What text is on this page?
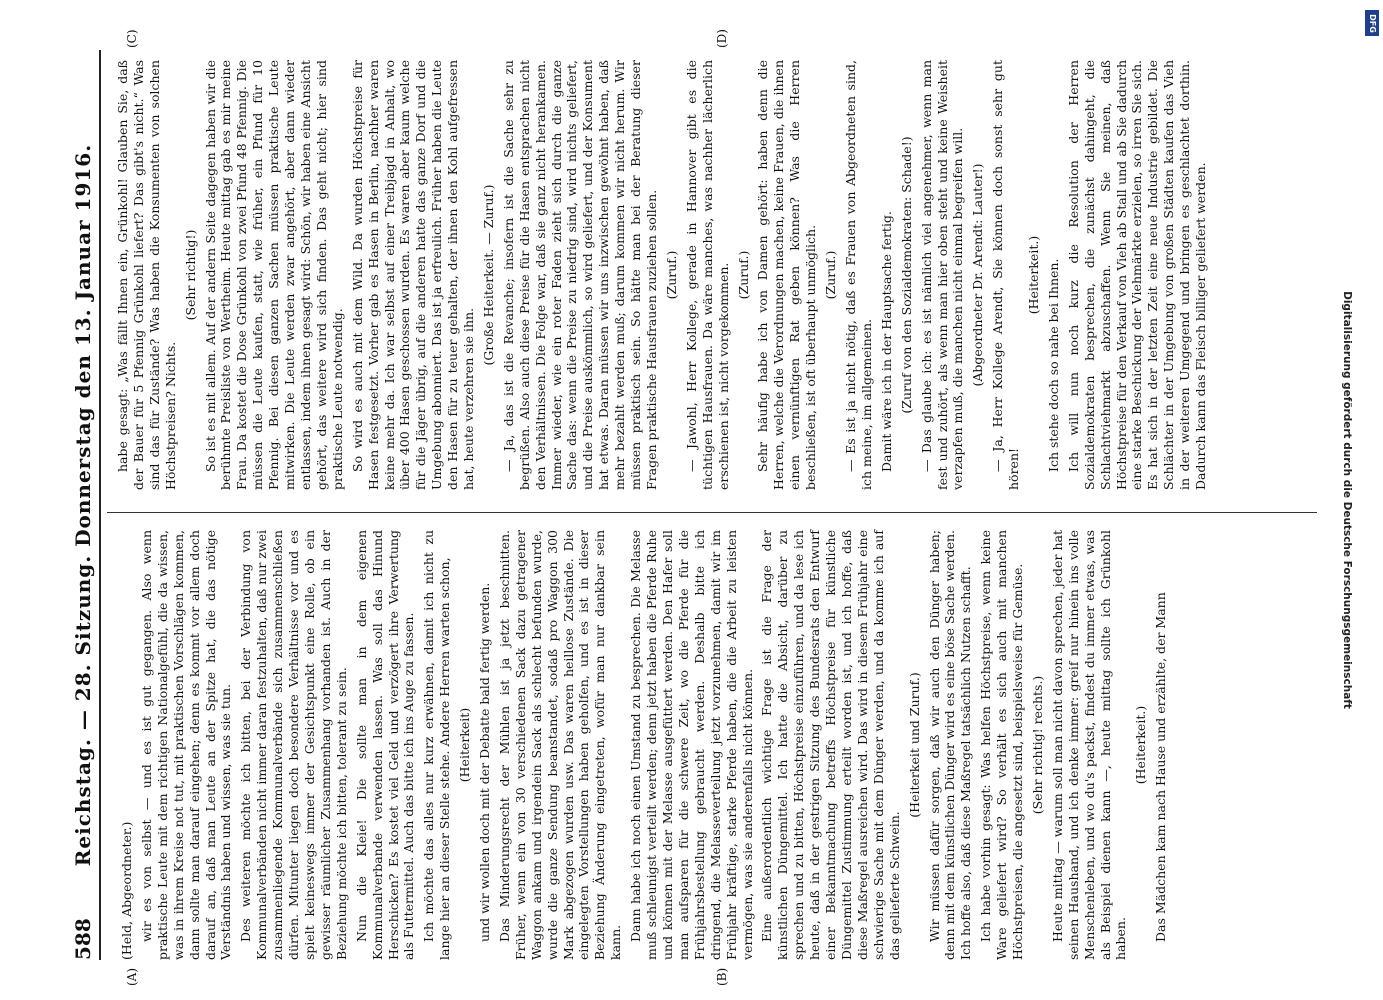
588
Reichstag. — 28. Sitzung. Donnerstag den 13. Januar 1916.
(A)	(B)
(C)	(D)

(Held, Abgeordneter.) wir es von selbst — und es ist gut gegangen. Also wenn praktische Leute mit dem richtigen Nationalgefühl, die da wissen, was in ihrem Kreise not tut, mit praktischen Vorschlägen kommen, dann sollte man darauf eingehen; denn es kommt vor allem doch darauf an, daß man Leute an der Spitze hat, die das nötige Verständnis haben und wissen, was sie tun. Des weiteren möchte ich bitten, bei der Verbindung von Kommunalverbänden nicht immer daran festzuhalten, daß nur zwei zusammenliegende Kommunalverbände sich zusammenschließen dürfen. Mitunter liegen doch besondere Verhältnisse vor und es spielt keineswegs immer der Gesichtspunkt eine Rolle, ob ein gewisser räumlicher Zusammenhang vorhanden ist. Auch in der Beziehung möchte ich bitten, tolerant zu sein. Nun die Kleie! Die sollte man in dem eigenen Kommunalverbande verwenden lassen. Was soll das Hinund Herschicken? Es kostet viel Geld und verzögert ihre Verwertung als Futtermittel. Auch das bitte ich ins Auge zu fassen. Ich möchte das alles nur kurz erwähnen, damit ich nicht zu lange hier an dieser Stelle stehe. Andere Herren warten schon, (Heiterkeit) und wir wollen doch mit der Debatte bald fertig werden. Das Minderungsrecht der Mühlen ist ja jetzt beschnitten. Früher, wenn ein von 30 verschiedenen Sack dazu getragener Waggon ankam und irgendein Sack als schlecht befunden wurde, wurde die ganze Sendung beanstandet, sodaß pro Waggon 300 Mark abgezogen wurden usw. Das waren heillose Zustände. Die eingelegten Vorstellungen haben geholfen, und es ist in dieser Beziehung Änderung eingetreten, wofür man nur dankbar sein kann.

Dann habe ich noch einen Umstand zu besprechen. Die Melasse muß schleunigst verteilt werden; denn jetzt haben die Pferde Ruhe und können mit der Melasse ausgefüttert werden. Den Hafer soll man aufsparen für die schwere Zeit, wo die Pferde für die Frühjahrsbestellung gebraucht werden. Deshalb bitte ich dringend, die Melasseverteilung jetzt vorzunehmen, damit wir im Frühjahr kräftige, starke Pferde haben, die die Arbeit zu leisten vermögen, was sie anderenfalls nicht können. Eine außerordentlich wichtige Frage ist die Frage der künstlichen Düngemittel. Ich hatte die Absicht, darüber zu sprechen und zu bitten, Höchstpreise einzuführen, und da lese ich heute, daß in der gestrigen Sitzung des Bundesrats den Entwurf einer Bekanntmachung betreffs Höchstpreise für künstliche Düngemittel Zustimmung erteilt worden ist, und ich hoffe, daß diese Maßregel ausreichen wird. Das wird in diesem Frühjahr eine schwierige Sache mit dem Dünger werden, und da komme ich auf das gelieferte Schwein.

(Heiterkeit und Zuruf.) Wir müssen dafür sorgen, daß wir auch den Dünger haben; denn mit dem künstlichen Dünger wird es eine böse Sache werden. Ich hoffe also, daß diese Maßregel tatsächlich Nutzen schafft. Ich habe vorhin gesagt: Was helfen Höchstpreise, wenn keine Ware geliefert wird? So verhält es sich auch mit manchen Höchstpreisen, die angesetzt sind, beispielsweise für Gemüse. (Sehr richtig! rechts.) Heute mittag — warum soll man nicht davon sprechen, jeder hat seinen Haushand, und ich denke immer: greif nur hinein ins volle Menschenleben, und wo du's packst, findest du immer etwas, was als Beispiel dienen kann —, heute mittag sollte ich Grünkohl haben.

(Heiterkeit.) Das Mädchen kam nach Hause und erzählte, der Mann

habe gesagt: „Was fällt Ihnen ein, Grünkohl! Glauben Sie, daß der Bauer für 5 Pfennig Grünkohl liefert? Das gibt's nicht.“ Was sind das für Zustände? Was haben die Konsumenten von solchen Höchstpreisen? Nichts.

(Sehr richtig!) So ist es mit allem. Auf der andern Seite dagegen haben wir die berühmte Preisliste von Wertheim. Heute mittag gab es mir meine Frau. Da kostet die Dose Grünkohl von zwei Pfund 48 Pfennig. Die müssen die Leute kaufen, statt, wie früher, ein Pfund für 10 Pfennig. Bei diesen ganzen Sachen müssen praktische Leute mitwirken. Die Leute werden zwar angehört, aber dann wieder entlassen, indem ihnen gesagt wird: Schön, wir haben eine Ansicht gehört, das weitere wird sich finden. Das geht nicht; hier sind praktische Leute notwendig. So wird es auch mit dem Wild. Da wurden Höchstpreise für Hasen festgesetzt. Vorher gab es Hasen in Berlin, nachher waren keine mehr da. Ich war selbst auf einer Treibjagd in Anhalt, wo über 400 Hasen geschossen wurden. Es waren aber kaum welche für die Jäger übrig, auf die anderen hatte das ganze Dorf und die Umgebung abonniert. Das ist ja erfreulich. Früher haben die Leute den Hasen für zu teuer gehalten, der ihnen den Kohl aufgefressen hat, heute verzehren sie ihn.

(Große Heiterkeit. — Zuruf.) — Ja, das ist die Revanche; insofern ist die Sache sehr zu begrüßen. Also auch diese Preise für die Hasen entsprachen nicht den Verhältnissen. Die Folge war, daß sie ganz nicht herankamen. Immer wieder, wie ein roter Faden zieht sich durch die ganze Sache das: wenn die Preise zu niedrig sind, wird nichts geliefert, und die Preise auskömmlich, so wird geliefert, und der Konsument hat etwas. Daran müssen wir uns inzwischen gewöhnt haben, daß mehr bezahlt werden muß; darum kommen wir nicht herum. Wir müssen praktisch sein. So hätte man bei der Beratung dieser Fragen praktische Hausfrauen zuziehen sollen. (Zuruf.) — Jawohl, Herr Kollege, gerade in Hannover gibt es die tüchtigen Hausfrauen. Da wäre manches, was nachher lächerlich erschienen ist, nicht vorgekommen. (Zuruf.) Sehr häufig habe ich von Damen gehört: haben denn die Herren, welche die Verordnungen machen, keine Frauen, die ihnen einen vernünftigen Rat geben können? Was die Herren beschließen, ist oft überhaupt unmöglich. (Zuruf.) — Es ist ja nicht nötig, daß es Frauen von Abgeordneten sind, ich meine, im allgemeinen. Damit wäre ich in der Hauptsache fertig. (Zuruf von den Sozialdemokraten: Schade!) — Das glaube ich: es ist nämlich viel angenehmer, wenn man fest und zuhört, als wenn man hier oben steht und keine Weisheit verzapfen muß, die manchen nicht einmal begreifen will. (Abgeordneter Dr. Arendt: Lauter!) — Ja, Herr Kollege Arendt, Sie können doch sonst sehr gut hören!

(Heiterkeit.) Ich stehe doch so nahe bei Ihnen. Ich will nun noch kurz die Resolution der Herren Sozialdemokraten besprechen, die zunächst dahingeht, die Schlachtviehmarkt abzuschaffen. Wenn Sie meinen, daß Höchstpreise für den Verkauf von Vieh ab Stall und ab Sie dadurch eine starke Beschickung der Viehmärkte erzielen, so irren Sie sich. Es hat sich in der letzten Zeit eine neue Industrie gebildet. Die Schlächter in der Umgebung von großen Städten kaufen das Vieh in der weiteren Umgegend und bringen es geschlachtet dorthin. Dadurch kann das Fleisch billiger geliefert werden.	Digitalisierung gefördert durch die Deutsche Forschungsgemeinschaft
DFG
